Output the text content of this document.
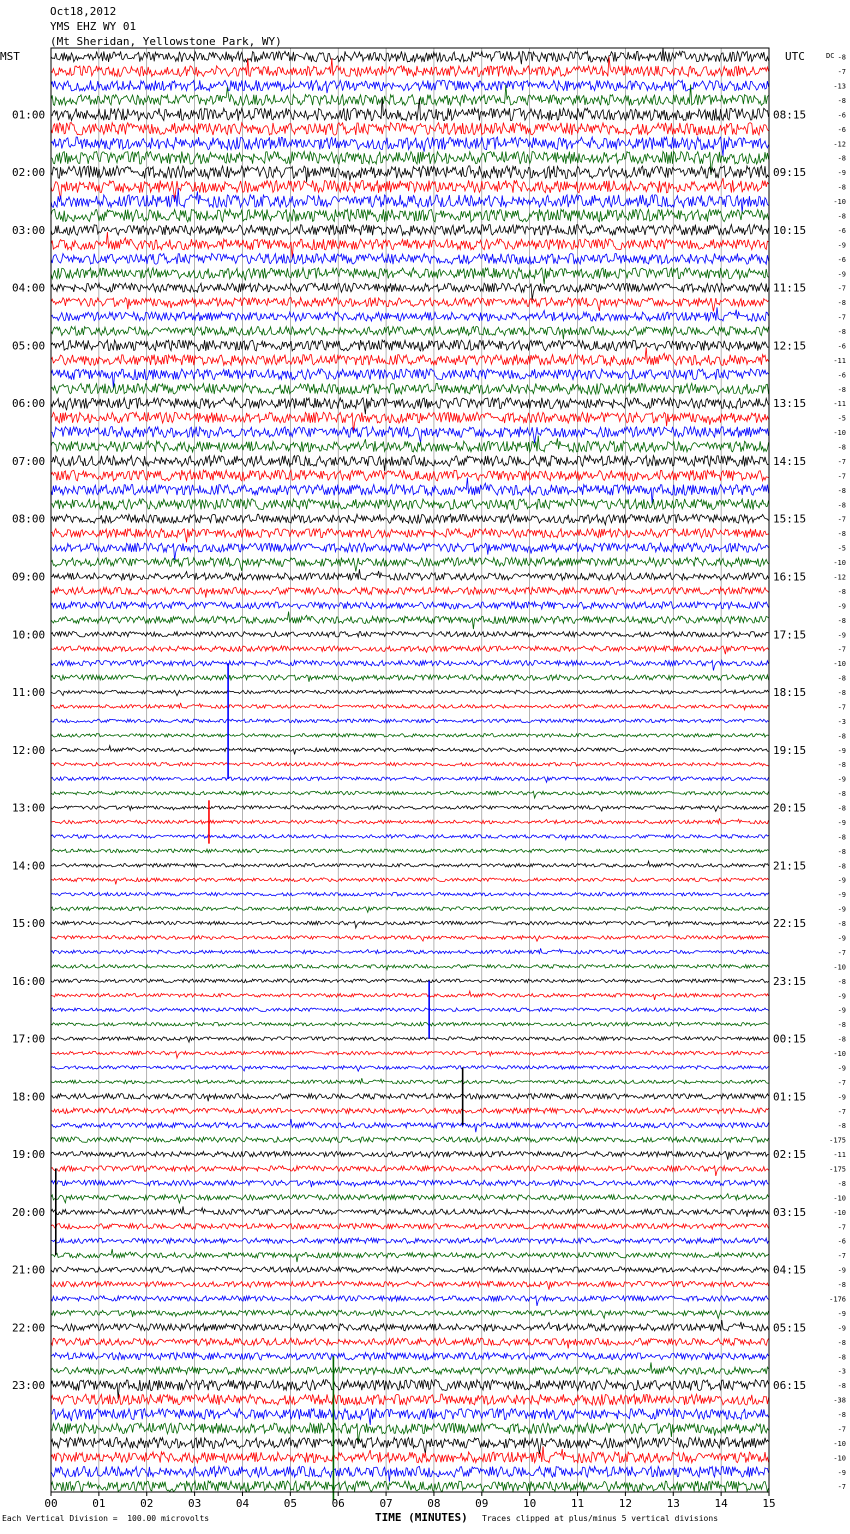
Oct18,2012
YMS EHZ WY 01
(Mt Sheridan, Yellowstone Park, WY)
MST	UTC	DC
01:00
02:00
03:00
04:00
05:00
06:00
07:00
08:00
09:00
10:00
11:00
12:00
13:00
14:00
15:00
16:00
17:00
18:00
19:00
20:00
21:00
22:00
23:00
08:15
09:15
10:15
11:15
12:15
13:15
14:15
15:15
16:15
17:15
18:15
19:15
20:15
21:15
22:15
23:15
00:15
01:15
02:15
03:15
04:15
05:15
06:15
-8
-7
-13
-8
-6
-6
-12
-8
-9
-8
-10
-8
-6
-9
-6
-9
-7
-8
-7
-8
-6
-11
-6
-8
-11
-5
-10
-8
-7
-7
-8
-8
-7
-8
-5
-10
-12
-8
-9
-8
-9
-7
-10
-8
-8
-7
-3
-8
-9
-8
-9
-8
-8
-9
-8
-8
-8
-9
-9
-9
-8
-9
-7
-10
-8
-9
-9
-8
-8
-10
-9
-7
-9
-7
-8
-175
-11
-175
-8
-10
-10
-7
-6
-7
-9
-8
-176
-9
-9
-8
-8
-3
-8
-38
-8
-7
-10
-10
-9
-7
00	01	02	03	04	05	06	07	08	09	10	11	12	13	14	15
Each Vertical Division =  100.00 microvolts	TIME (MINUTES) Traces clipped at plus/minus 5 vertical divisions
